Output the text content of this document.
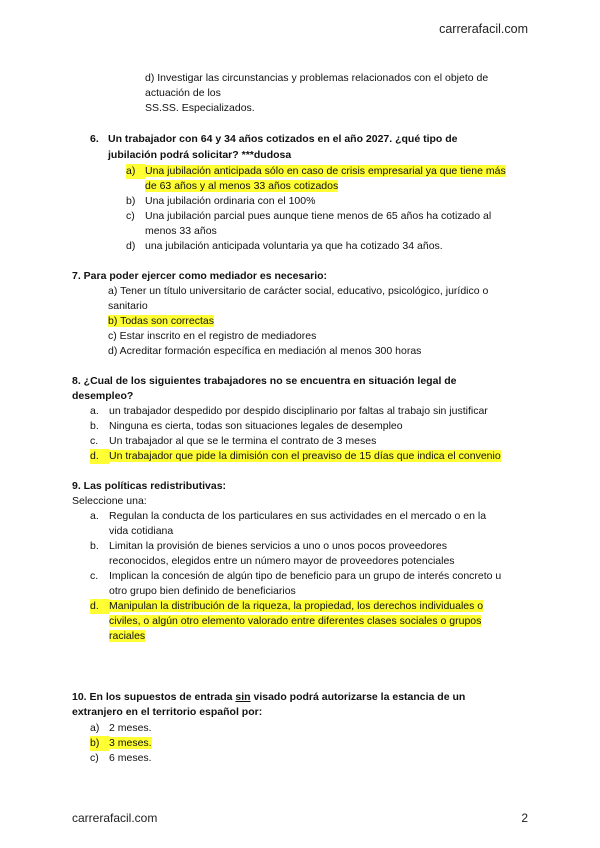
carrerafacil.com
d) Investigar las circunstancias y problemas relacionados con el objeto de
actuación de los
SS.SS. Especializados.
6. Un trabajador con 64 y 34 años cotizados en el año 2027. ¿qué tipo de
jubilación podrá solicitar? ***dudosa
a) Una jubilación anticipada sólo en caso de crisis empresarial ya que tiene más
de 63 años y al menos 33 años cotizados
b) Una jubilación ordinaria con el 100%
c) Una jubilación parcial pues aunque tiene menos de 65 años ha cotizado al
menos 33 años
d) una jubilación anticipada voluntaria ya que ha cotizado 34 años.
7. Para poder ejercer como mediador es necesario:
a) Tener un título universitario de carácter social, educativo, psicológico, jurídico o
sanitario
b) Todas son correctas
c) Estar inscrito en el registro de mediadores
d) Acreditar formación específica en mediación al menos 300 horas
8. ¿Cual de los siguientes trabajadores no se encuentra en situación legal de
desempleo?
a. un trabajador despedido por despido disciplinario por faltas al trabajo sin justificar
b. Ninguna es cierta, todas son situaciones legales de desempleo
c.	Un trabajador al que se le termina el contrato de 3 meses
d. Un trabajador que pide la dimisión con el preaviso de 15 días que indica el convenio
9. Las políticas redistributivas:
Seleccione una:
a. Regulan la conducta de los particulares en sus actividades en el mercado o en la
vida cotidiana
b. Limitan la provisión de bienes servicios a uno o unos pocos proveedores
reconocidos, elegidos entre un número mayor de proveedores potenciales
c.	Implican la concesión de algún tipo de beneficio para un grupo de interés concreto u
otro grupo bien definido de beneficiarios
d. Manipulan la distribución de la riqueza, la propiedad, los derechos individuales o
civiles, o algún otro elemento valorado entre diferentes clases sociales o grupos
raciales
10. En los supuestos de entrada sin visado podrá autorizarse la estancia de un
extranjero en el territorio español por:
a) 2 meses.
b) 3 meses.
c) 6 meses.
carrerafacil.com	2
